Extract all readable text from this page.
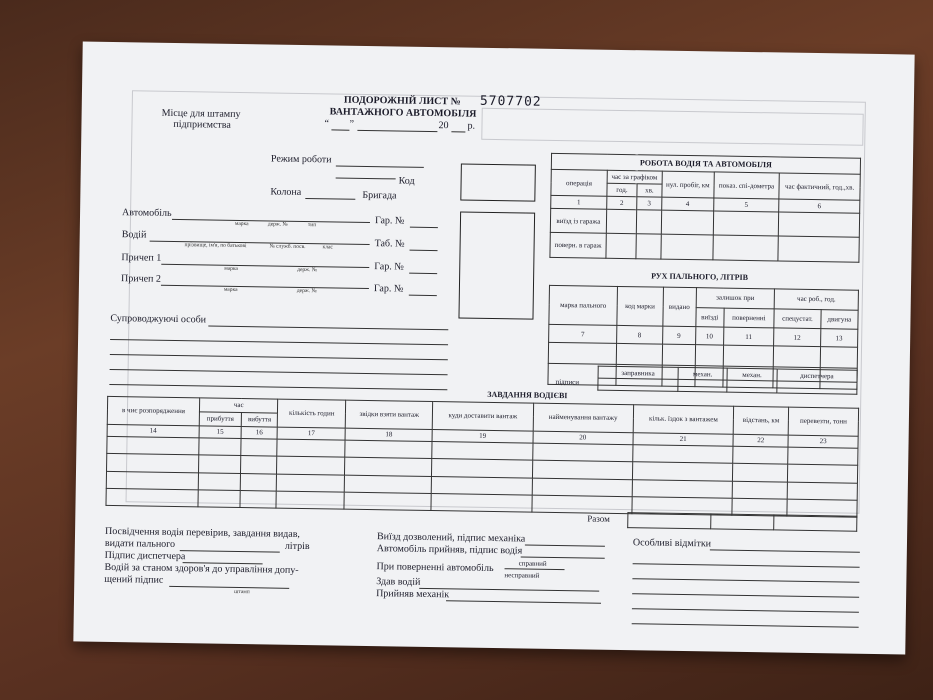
ПОДОРОЖНІЙ ЛИСТ № 5707702
ВАНТАЖНОГО АВТОМОБІЛЯ
Місце для штампу
підприємства	“ ”	20 р.
Режим роботи
Код
Колона	Бригада
Автомобіль
марка	держ. №	тип	Гар. №
Водій
прізвище, ім'я, по батькові	№ служб. посв.	клас	Таб. №
Причеп 1
марка	держ. №	Гар. №
Причеп 2
марка	держ. №	Гар. №
Супроводжуючі особи
РОБОТА ВОДІЯ ТА АВТОМОБІЛЯ					
операція	час за графіком		нул. пробіг, км	показ. спі-дометра	час фактичний, год.,хв.
	год.	хв.			
1	2	3	4	5	6
виїзд із гаража					
поверн. в гараж					
РУХ ПАЛЬНОГО, ЛІТРІВ
марка пального	код марки	видано	залишок при		час роб., год.	
			виїзді	поверненні	спецустат.	двигуна
7	8	9	10	11	12	13

заправника	механ.	механ.	диспетчера

підписи
ЗАВДАННЯ ВОДІЄВІ
в чиє розпорядження	час		кількість годин	звідки взяти вантаж	куди доставити вантаж	найменування вантажу	кільк. їздок з вантажем	відстань, км	перевезти, тонн
	прибуття	вибуття							
14	15	16	17	18	19	20	21	22	23

Разом
Посвідчення водія перевірив, завдання видав,
видати пального	літрів
Підпис диспетчера
Водій за станом здоров'я до управління допу-
щений підпис
штамп
Виїзд дозволений, підпис механіка
Автомобіль прийняв, підпис водія
При поверненні автомобіль	справний
несправний
Здав водій
Прийняв механік
Особливі відмітки
